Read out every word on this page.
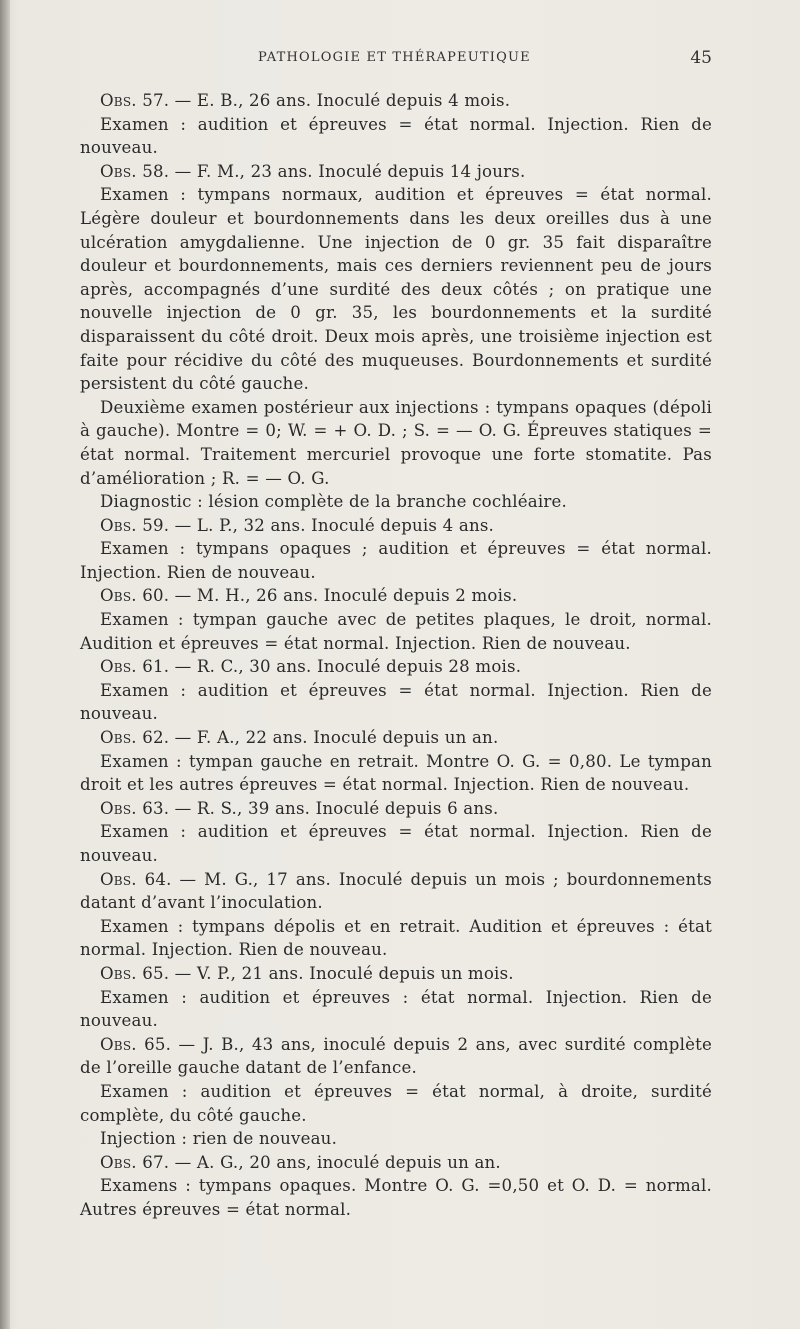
PATHOLOGIE ET THÉRAPEUTIQUE	45

Obs. 57. — E. B., 26 ans. Inoculé depuis 4 mois.

Examen : audition et épreuves = état normal. Injection. Rien de nouveau.

Obs. 58. — F. M., 23 ans. Inoculé depuis 14 jours.

Examen : tympans normaux, audition et épreuves = état normal. Légère douleur et bourdonnements dans les deux oreilles dus à une ulcération amygdalienne. Une injection de 0 gr. 35 fait disparaître douleur et bourdonnements, mais ces derniers reviennent peu de jours après, accompagnés d’une surdité des deux côtés ; on pratique une nouvelle injection de 0 gr. 35, les bourdonnements et la surdité disparaissent du côté droit. Deux mois après, une troisième injection est faite pour récidive du côté des muqueuses. Bourdonnements et surdité persistent du côté gauche.

Deuxième examen postérieur aux injections : tympans opaques (dépoli à gauche). Montre = 0; W. = + O. D. ; S. = — O. G. Épreuves statiques = état normal. Traitement mercuriel provoque une forte stomatite. Pas d’amélioration ; R. = — O. G.

Diagnostic : lésion complète de la branche cochléaire.

Obs. 59. — L. P., 32 ans. Inoculé depuis 4 ans.

Examen : tympans opaques ; audition et épreuves = état normal. Injection. Rien de nouveau.

Obs. 60. — M. H., 26 ans. Inoculé depuis 2 mois.

Examen : tympan gauche avec de petites plaques, le droit, normal. Audition et épreuves = état normal. Injection. Rien de nouveau.

Obs. 61. — R. C., 30 ans. Inoculé depuis 28 mois.

Examen : audition et épreuves = état normal. Injection. Rien de nouveau.

Obs. 62. — F. A., 22 ans. Inoculé depuis un an.

Examen : tympan gauche en retrait. Montre O. G. = 0,80. Le tympan droit et les autres épreuves = état normal. Injection. Rien de nouveau.

Obs. 63. — R. S., 39 ans. Inoculé depuis 6 ans.

Examen : audition et épreuves = état normal. Injection. Rien de nouveau.

Obs. 64. — M. G., 17 ans. Inoculé depuis un mois ; bourdonnements datant d’avant l’inoculation.

Examen : tympans dépolis et en retrait. Audition et épreuves : état normal. Injection. Rien de nouveau.

Obs. 65. — V. P., 21 ans. Inoculé depuis un mois.

Examen : audition et épreuves : état normal. Injection. Rien de nouveau.

Obs. 65. — J. B., 43 ans, inoculé depuis 2 ans, avec surdité complète de l’oreille gauche datant de l’enfance.

Examen : audition et épreuves = état normal, à droite, surdité complète, du côté gauche.

Injection : rien de nouveau.

Obs. 67. — A. G., 20 ans, inoculé depuis un an.

Examens : tympans opaques. Montre O. G. =0,50 et O. D. = normal. Autres épreuves = état normal.
